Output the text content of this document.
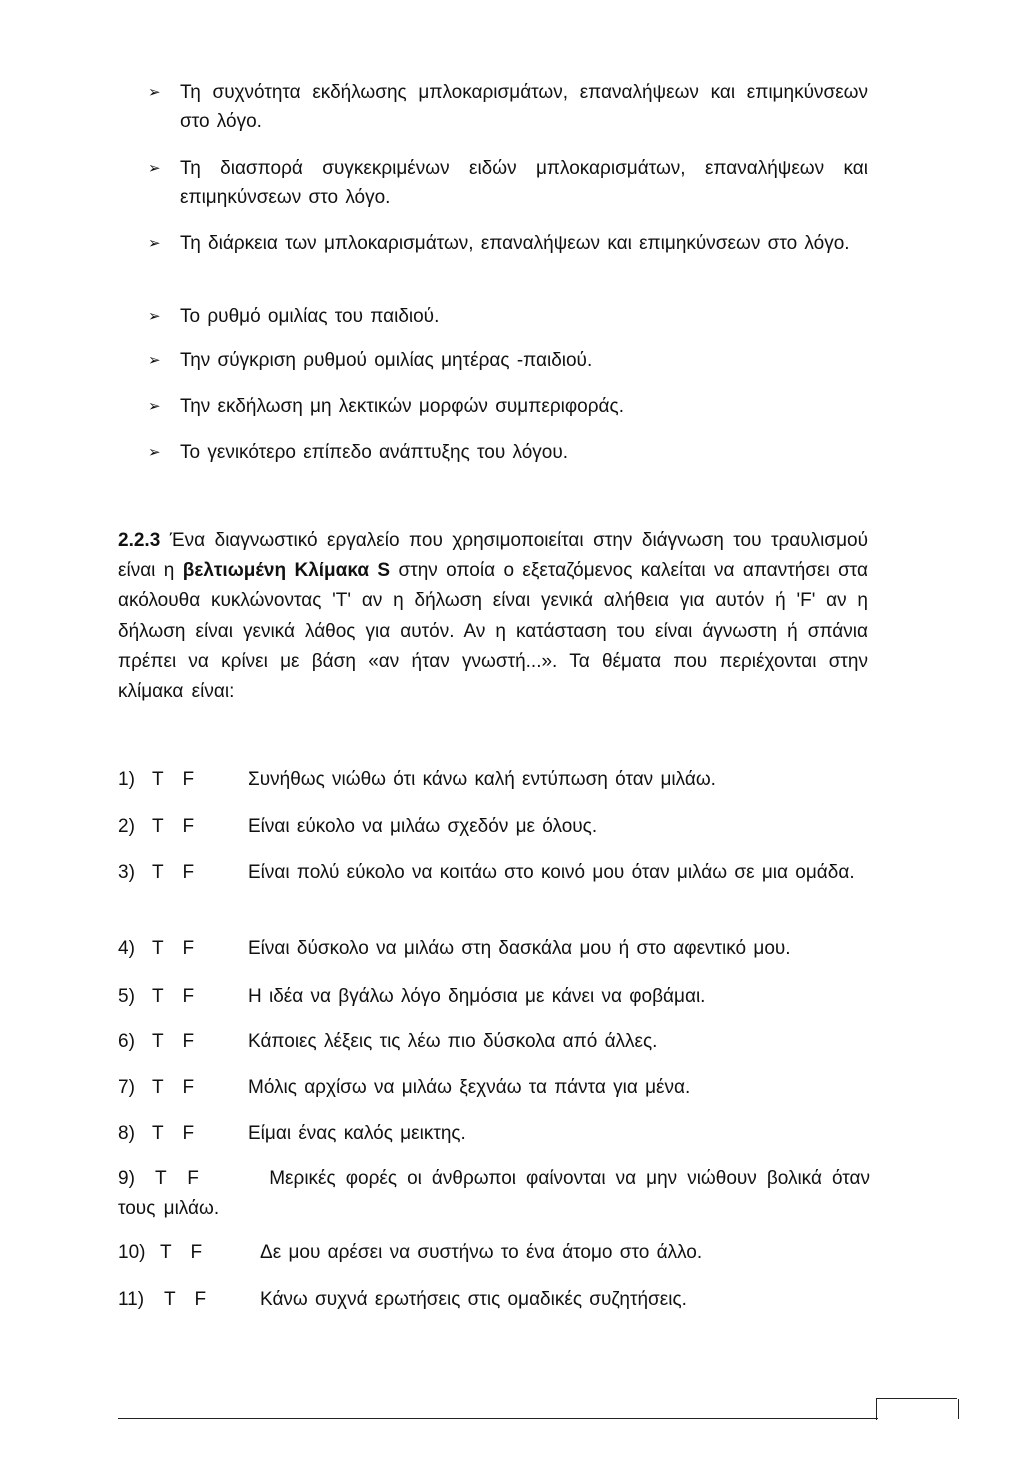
➢	Τη συχνότητα εκδήλωσης μπλοκαρισμάτων, επαναλήψεων και επιμηκύνσεων στο λόγο.
➢	Τη διασπορά συγκεκριμένων ειδών μπλοκαρισμάτων, επαναλήψεων και επιμηκύνσεων στο λόγο.
➢	Τη διάρκεια των μπλοκαρισμάτων, επαναλήψεων και επιμηκύνσεων στο λόγο.
➢	Το ρυθμό ομιλίας του παιδιού.
➢	Την σύγκριση ρυθμού ομιλίας μητέρας -παιδιού.
➢	Την εκδήλωση μη λεκτικών μορφών συμπεριφοράς.
➢	Το γενικότερο επίπεδο ανάπτυξης του λόγου.
2.2.3 Ένα διαγνωστικό εργαλείο που χρησιμοποιείται στην διάγνωση του τραυλισμού είναι η βελτιωμένη Κλίμακα S στην οποία ο εξεταζόμενος καλείται να απαντήσει στα ακόλουθα κυκλώνοντας 'T' αν η δήλωση είναι γενικά αλήθεια για αυτόν ή 'F' αν η δήλωση είναι γενικά λάθος για αυτόν. Αν η κατάσταση του είναι άγνωστη ή σπάνια πρέπει να κρίνει με βάση «αν ήταν γνωστή...». Τα θέματα που περιέχονται στην κλίμακα είναι:
1) T F	Συνήθως νιώθω ότι κάνω καλή εντύπωση όταν μιλάω.
2) T F	Είναι εύκολο να μιλάω σχεδόν με όλους.
3) T F	Είναι πολύ εύκολο να κοιτάω στο κοινό μου όταν μιλάω σε μια ομάδα.
4) T F	Είναι δύσκολο να μιλάω στη δασκάλα μου ή στο αφεντικό μου.
5) T F	Η ιδέα να βγάλω λόγο δημόσια με κάνει να φοβάμαι.
6) T F	Κάποιες λέξεις τις λέω πιο δύσκολα από άλλες.
7) T F	Μόλις αρχίσω να μιλάω ξεχνάω τα πάντα για μένα.
8) T F	Είμαι ένας καλός μεικτης.
9) T F	Μερικές φορές οι άνθρωποι φαίνονται να μην νιώθουν βολικά όταν τους μιλάω.
10) T F	Δε μου αρέσει να συστήνω το ένα άτομο στο άλλο.
11)	T F	Κάνω συχνά ερωτήσεις στις ομαδικές συζητήσεις.
